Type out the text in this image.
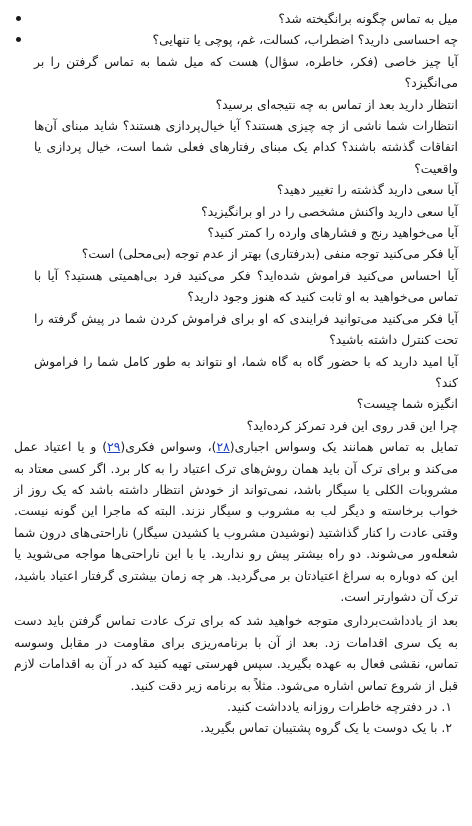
میل به تماس چگونه برانگیخته شد؟
چه احساسی دارید؟ اضطراب، کسالت، غم، پوچی یا تنهایی؟
آیا چیز خاصی (فکر، خاطره، سؤال) هست که میل شما به تماس گرفتن را بر می‌انگیزد؟
انتظار دارید بعد از تماس به چه نتیجه‌ای برسید؟
انتظارات شما ناشی از چه چیزی هستند؟ آیا خیال‌پردازی هستند؟ شاید مبنای آن‌ها اتفاقات گذشته باشند؟ کدام یک مبنای رفتارهای فعلی شما است، خیال پردازی یا واقعیت؟
آیا سعی دارید گذشته را تغییر دهید؟
آیا سعی دارید واکنش مشخصی را در او برانگیزید؟
آیا می‌خواهید رنج و فشارهای وارده را کمتر کنید؟
آیا فکر می‌کنید توجه منفی (بدرفتاری) بهتر از عدم توجه (بی‌محلی) است؟
آیا احساس می‌کنید فراموش شده‌اید؟ فکر می‌کنید فرد بی‌اهمیتی هستید؟ آیا با تماس می‌خواهید به او ثابت کنید که هنوز وجود دارید؟
آیا فکر می‌کنید می‌توانید فرایندی که او برای فراموش کردن شما در پیش گرفته را تحت کنترل داشته باشید؟
آیا امید دارید که با حضور گاه به گاه شما، او نتواند به طور کامل شما را فراموش کند؟
انگیزه شما چیست؟
چرا این قدر روی این فرد تمرکز کرده‌اید؟

تمایل به تماس همانند یک وسواس اجباری(۲۸)، وسواس فکری(۲۹) و یا اعتیاد عمل می‌کند و برای ترک آن باید همان روش‌های ترک اعتیاد را به کار برد. اگر کسی معتاد به مشروبات الکلی یا سیگار باشد، نمی‌تواند از خودش انتظار داشته باشد که یک روز از خواب برخاسته و دیگر لب به مشروب و سیگار نزند. البته که ماجرا این گونه نیست. وقتی عادت را کنار گذاشتید (نوشیدن مشروب یا کشیدن سیگار) ناراحتی‌های درون شما شعله‌ور می‌شوند. دو راه بیشتر پیش رو ندارید. یا با این ناراحتی‌ها مواجه می‌شوید یا این که دوباره به سراغ اعتیادتان بر می‌گردید. هر چه زمان بیشتری گرفتار اعتیاد باشید، ترک آن دشوارتر است.

بعد از یادداشت‌برداری متوجه خواهید شد که برای ترک عادت تماس گرفتن باید دست به یک سری اقدامات زد. بعد از آن با برنامه‌ریزی برای مقاومت در مقابل وسوسه تماس، نقشی فعال به عهده بگیرید. سپس فهرستی تهیه کنید که در آن به اقدامات لازم قبل از شروع تماس اشاره می‌شود. مثلاً به برنامه زیر دقت کنید.

۱. در دفترچه خاطرات روزانه یادداشت کنید.
۲. با یک دوست یا یک گروه پشتیبان تماس بگیرید.
